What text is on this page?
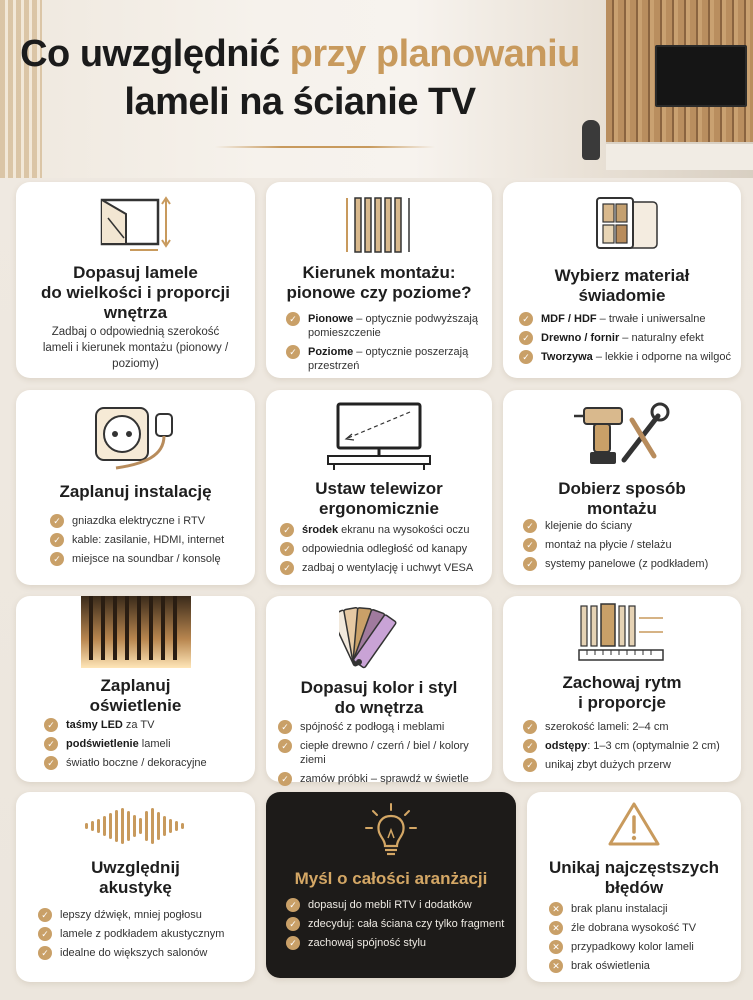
Co uwzględnić przy planowaniu
lameli na ścianie TV
Dopasuj lamele
do wielkości i proporcji
wnętrza
Zadbaj o odpowiednią szerokość lameli i kierunek montażu (pionowy / poziomy)
Kierunek montażu:
pionowe czy poziome?
✓ Pionowe – optycznie podwyższają pomieszczenie
✓ Poziome – optycznie poszerzają przestrzeń
Wybierz materiał
świadomie
✓ MDF / HDF – trwałe i uniwersalne
✓ Drewno / fornir – naturalny efekt
✓ Tworzywa – lekkie i odporne na wilgoć
Zaplanuj instalację
✓ gniazdka elektryczne i RTV
✓ kable: zasilanie, HDMI, internet
✓ miejsce na soundbar / konsolę
Ustaw telewizor
ergonomicznie
✓ środek ekranu na wysokości oczu
✓ odpowiednia odległość od kanapy
✓ zadbaj o wentylację i uchwyt VESA
Dobierz sposób
montażu
✓ klejenie do ściany
✓ montaż na płycie / stelażu
✓ systemy panelowe (z podkładem)
Zaplanuj
oświetlenie
✓ taśmy LED za TV
✓ podświetlenie lameli
✓ światło boczne / dekoracyjne
Dopasuj kolor i styl
do wnętrza
✓ spójność z podłogą i meblami
✓ ciepłe drewno / czerń / biel / kolory ziemi
✓ zamów próbki – sprawdź w świetle
Zachowaj rytm
i proporcje
✓ szerokość lameli: 2–4 cm
✓ odstępy: 1–3 cm (optymalnie 2 cm)
✓ unikaj zbyt dużych przerw
Uwzględnij
akustykę
✓ lepszy dźwięk, mniej pogłosu
✓ lamele z podkładem akustycznym
✓ idealne do większych salonów
Myśl o całości aranżacji
✓ dopasuj do mebli RTV i dodatków
✓ zdecyduj: cała ściana czy tylko fragment
✓ zachowaj spójność stylu
Unikaj najczęstszych
błędów
✕ brak planu instalacji
✕ źle dobrana wysokość TV
✕ przypadkowy kolor lameli
✕ brak oświetlenia
